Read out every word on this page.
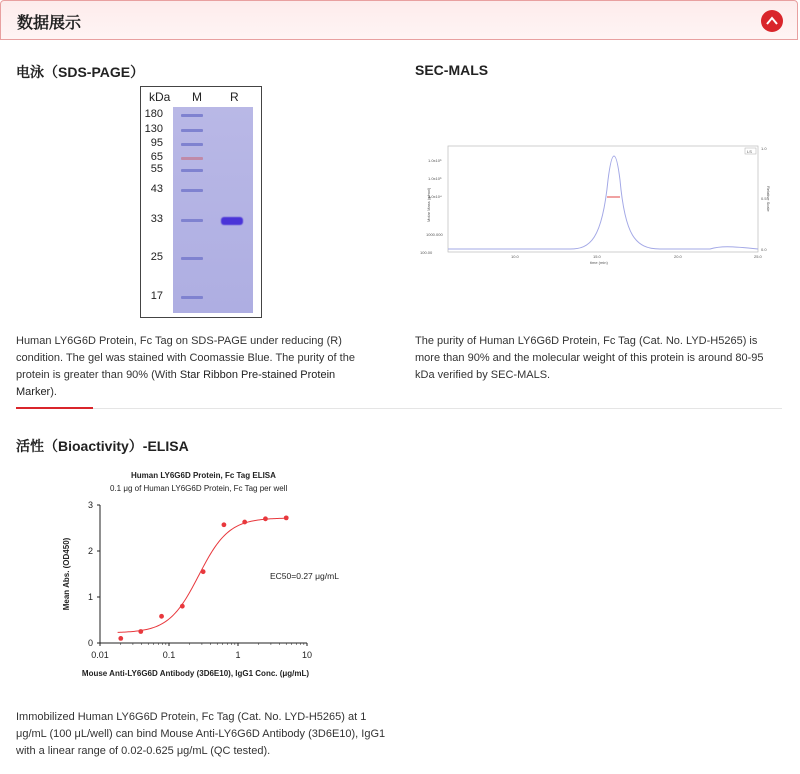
数据展示
电泳（SDS-PAGE）
kDa M R
180
130
95
65
55
43
33
25
17
Human LY6G6D Protein, Fc Tag on SDS-PAGE under reducing (R) condition. The gel was stained with Coomassie Blue. The purity of the protein is greater than 90% (With Star Ribbon Pre-stained Protein Marker).
SEC-MALS
100.00
10.0	15.0	20.0	25.0
time (min)
1.0x10⁵
1.0x10⁵
1.0x10⁴
1000.000
1.0
0.5
0.0
Molar Mass (g/mol)	Relative Scale
LS
The purity of Human LY6G6D Protein, Fc Tag (Cat. No. LYD-H5265) is more than 90% and the molecular weight of this protein is around 80-95 kDa verified by SEC-MALS.
活性（Bioactivity）-ELISA
Human LY6G6D Protein, Fc Tag ELISA
0.1 μg of Human LY6G6D Protein, Fc Tag per well
0.01	0.1	1	10
0
1
2
3
Mouse Anti-LY6G6D Antibody (3D6E10), IgG1 Conc. (μg/mL)
Mean Abs. (OD450)	EC50=0.27 μg/mL
Immobilized Human LY6G6D Protein, Fc Tag (Cat. No. LYD-H5265) at 1 μg/mL (100 μL/well) can bind Mouse Anti-LY6G6D Antibody (3D6E10), IgG1 with a linear range of 0.02-0.625 μg/mL (QC tested).
